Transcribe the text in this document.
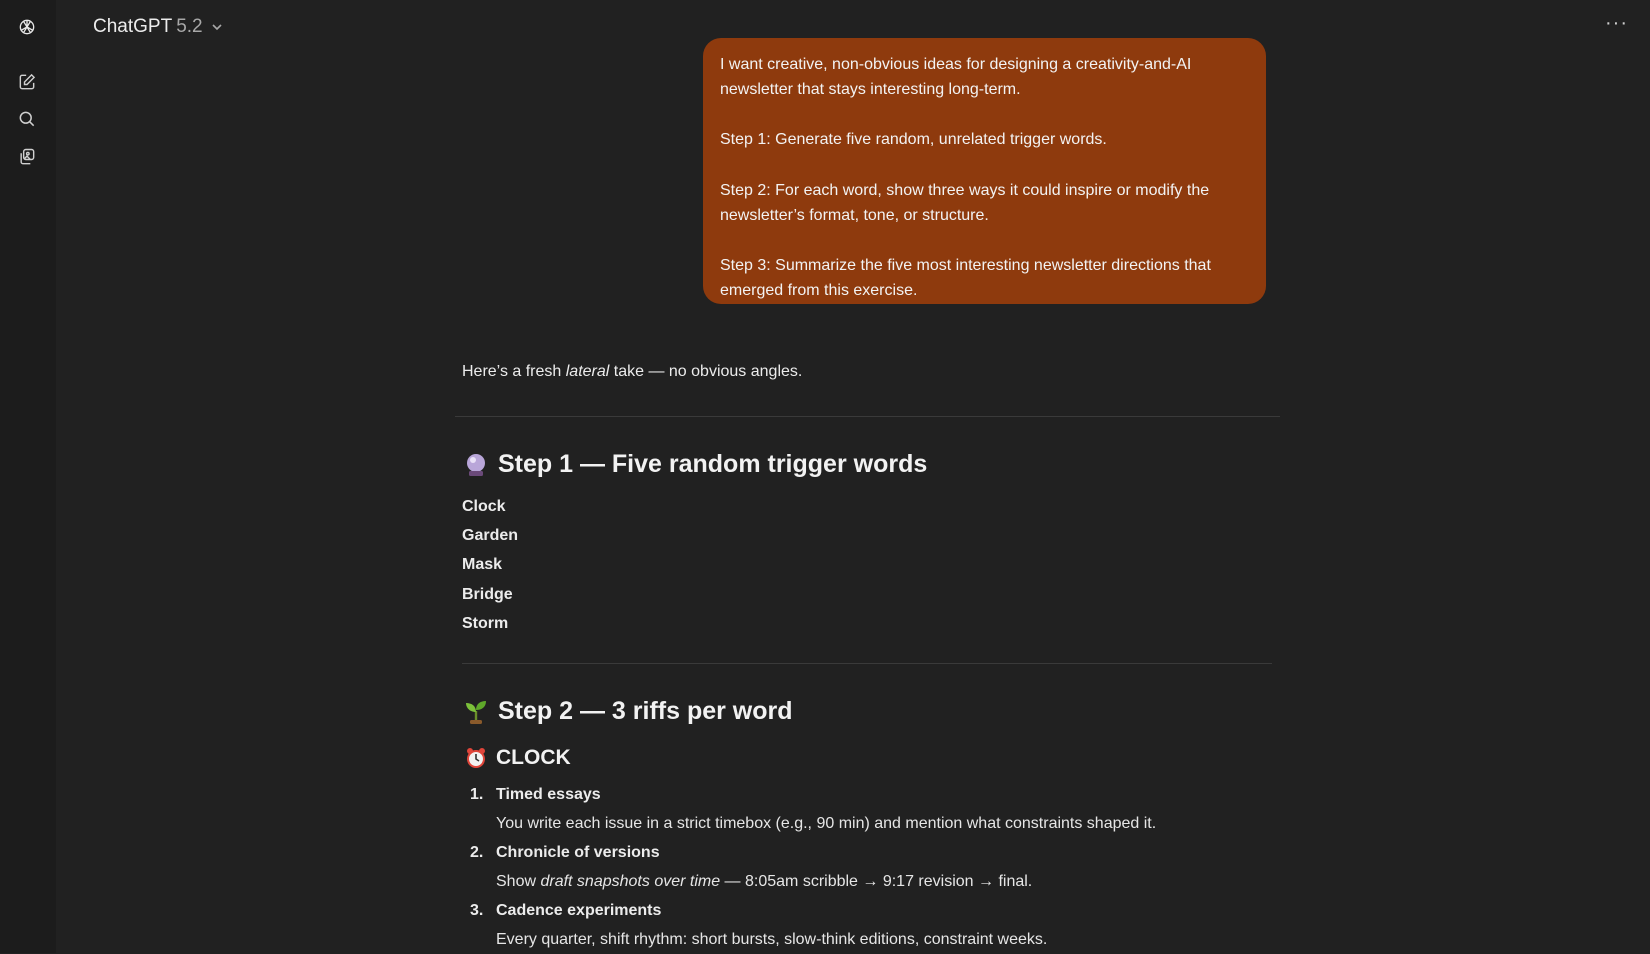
ChatGPT 5.2	···

I want creative, non-obvious ideas for designing a creativity-and-AI newsletter that stays interesting long-term.

Step 1: Generate five random, unrelated trigger words.

Step 2: For each word, show three ways it could inspire or modify the newsletter’s format, tone, or structure.

Step 3: Summarize the five most interesting newsletter directions that emerged from this exercise.

Here’s a fresh lateral take — no obvious angles.

Step 1 — Five random trigger words
Clock
Garden
Mask
Bridge
Storm
Step 2 — 3 riffs per word
CLOCK
1. Timed essays
You write each issue in a strict timebox (e.g., 90 min) and mention what constraints shaped it.
2. Chronicle of versions
Show draft snapshots over time — 8:05am scribble → 9:17 revision → final.
3. Cadence experiments
Every quarter, shift rhythm: short bursts, slow-think editions, constraint weeks.
